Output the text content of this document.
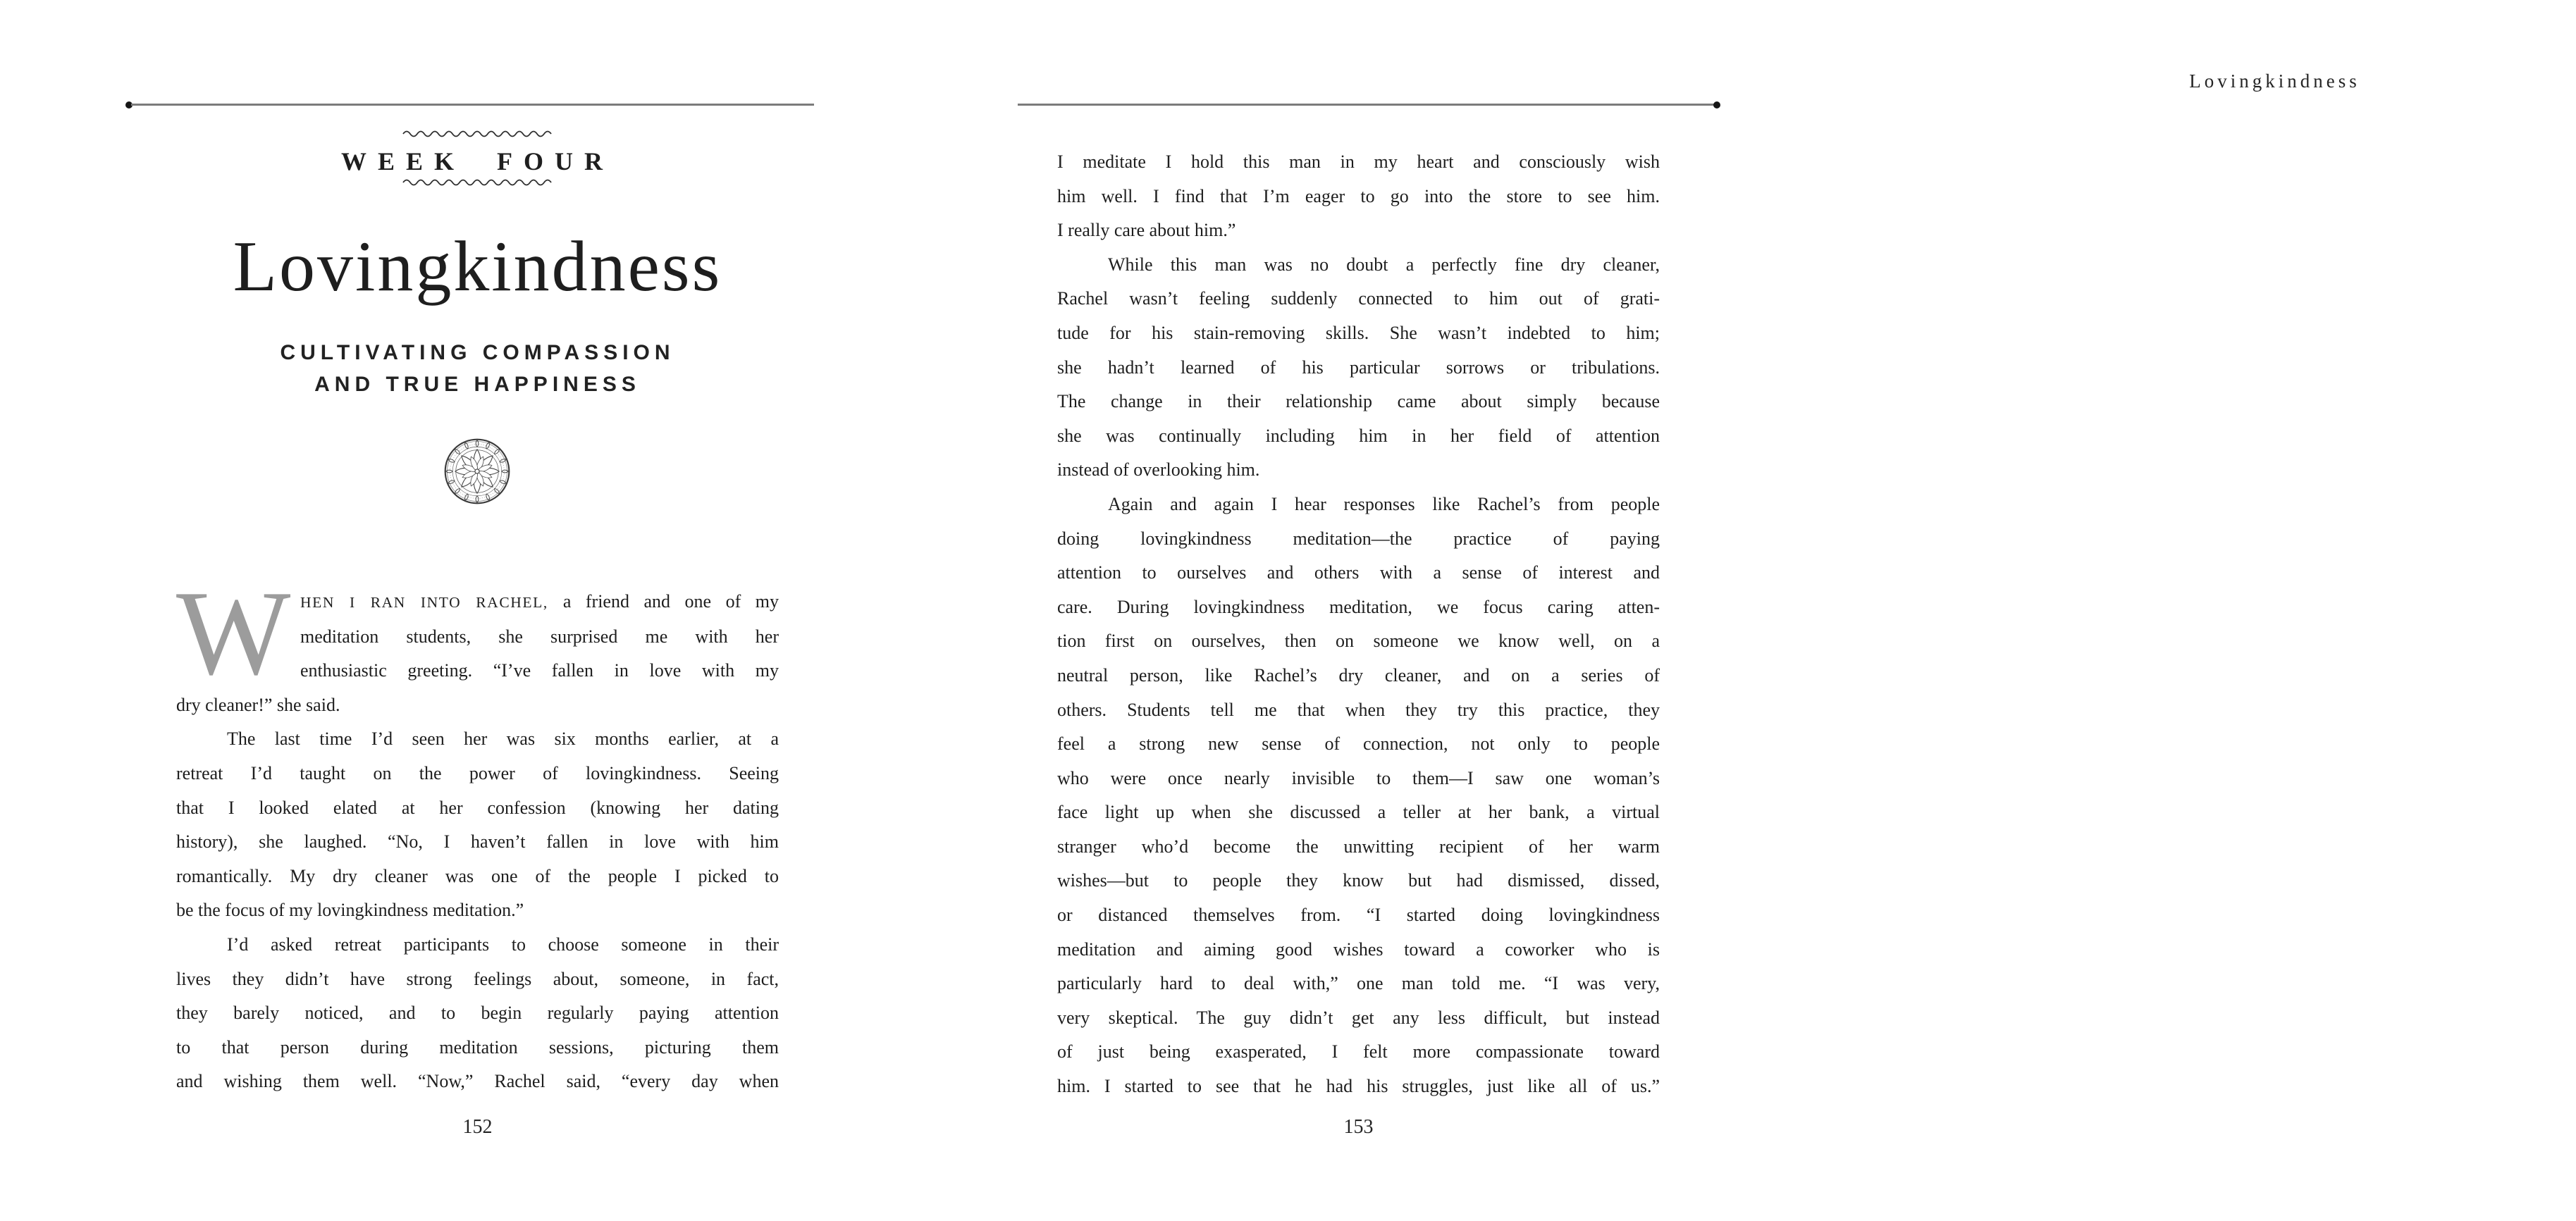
WEEK FOUR
Lovingkindness
CULTIVATING COMPASSION
AND TRUE HAPPINESS
W HEN I RAN INTO RACHEL, a friend and one of my
meditation students, she surprised me with her
enthusiastic greeting. “I’ve fallen in love with my
dry cleaner!” she said.
The last time I’d seen her was six months earlier, at a
retreat I’d taught on the power of lovingkindness. Seeing
that I looked elated at her confession (knowing her dating
history), she laughed. “No, I haven’t fallen in love with him
romantically. My dry cleaner was one of the people I picked to
be the focus of my lovingkindness meditation.”
I’d asked retreat participants to choose someone in their
lives they didn’t have strong feelings about, someone, in fact,
they barely noticed, and to begin regularly paying attention
to that person during meditation sessions, picturing them
and wishing them well. “Now,” Rachel said, “every day when
152
Lovingkindness
I meditate I hold this man in my heart and consciously wish
him well. I find that I’m eager to go into the store to see him.
I really care about him.”
While this man was no doubt a perfectly fine dry cleaner,
Rachel wasn’t feeling suddenly connected to him out of grati-
tude for his stain-removing skills. She wasn’t indebted to him;
she hadn’t learned of his particular sorrows or tribulations.
The change in their relationship came about simply because
she was continually including him in her field of attention
instead of overlooking him.
Again and again I hear responses like Rachel’s from people
doing lovingkindness meditation—the practice of paying
attention to ourselves and others with a sense of interest and
care. During lovingkindness meditation, we focus caring atten-
tion first on ourselves, then on someone we know well, on a
neutral person, like Rachel’s dry cleaner, and on a series of
others. Students tell me that when they try this practice, they
feel a strong new sense of connection, not only to people
who were once nearly invisible to them—I saw one woman’s
face light up when she discussed a teller at her bank, a virtual
stranger who’d become the unwitting recipient of her warm
wishes—but to people they know but had dismissed, dissed,
or distanced themselves from. “I started doing lovingkindness
meditation and aiming good wishes toward a coworker who is
particularly hard to deal with,” one man told me. “I was very,
very skeptical. The guy didn’t get any less difficult, but instead
of just being exasperated, I felt more compassionate toward
him. I started to see that he had his struggles, just like all of us.”
153
